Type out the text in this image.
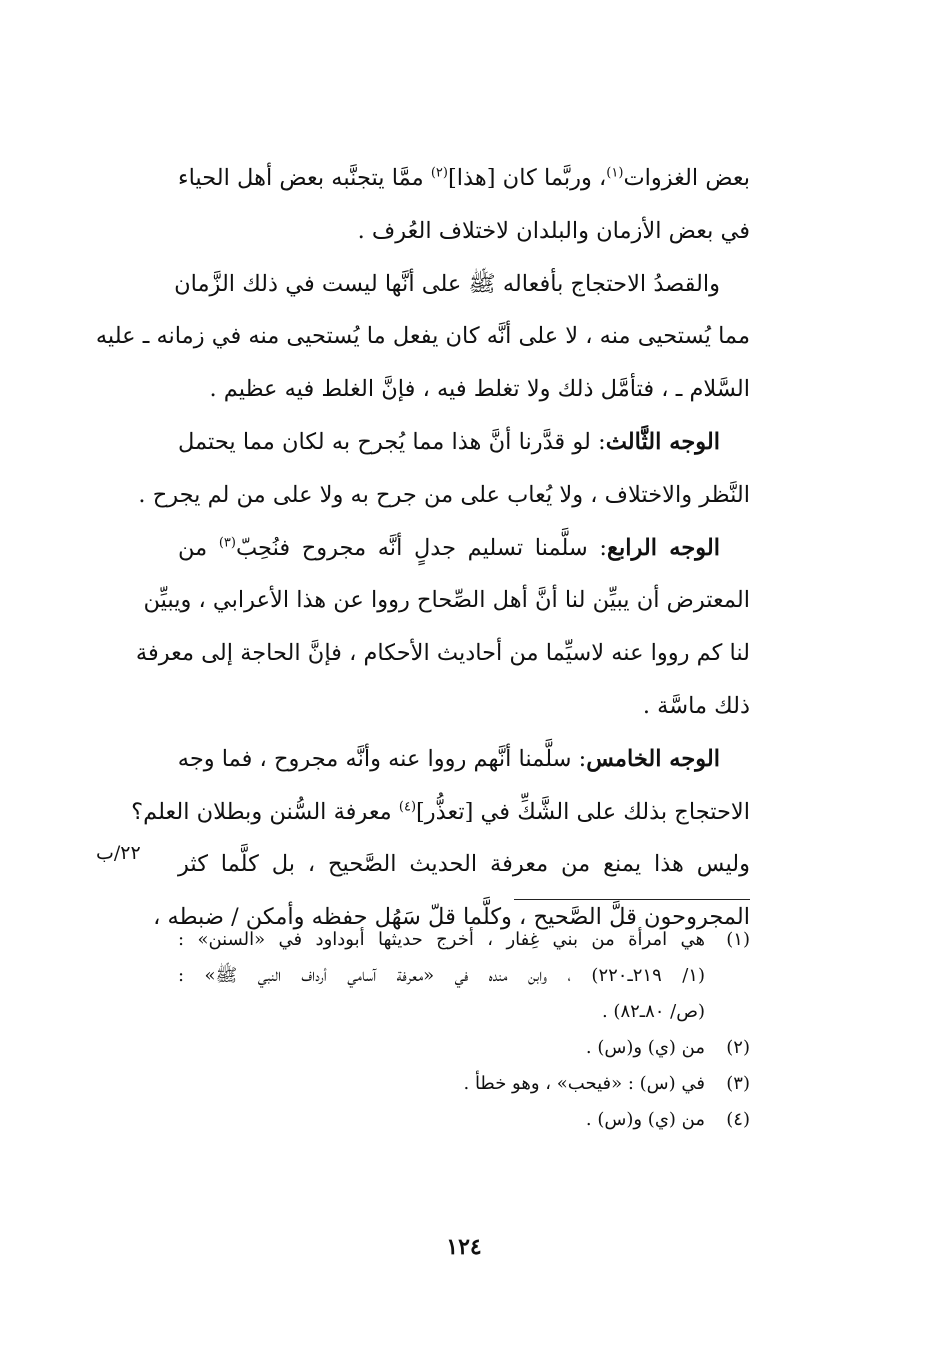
بعض الغزوات$^{(١)}$، وربَّما كان [هذا]$^{(٢)}$ ممَّا يتجنَّبه بعض أهل الحياء
في بعض الأزمان والبلدان لاختلاف العُرف .
والقصدُ الاحتجاج بأفعاله ﷺ على أنَّها ليست في ذلك الزَّمان
مما يُستحيى منه ، لا على أنَّه كان يفعل ما يُستحيى منه في زمانه ـ عليه
السَّلام ـ ، فتأمَّل ذلك ولا تغلط فيه ، فإنَّ الغلط فيه عظيم .
الوجه الثَّالث: لو قدَّرنا أنَّ هذا مما يُجرح به لكان مما يحتمل
النَّظر والاختلاف ، ولا يُعاب على من جرح به ولا على من لم يجرح .
الوجه الرابع: سلَّمنا تسليم جدلٍ أنَّه مجروح فنُحِبّ$^{(٣)}$ من
المعترض أن يبيِّن لنا أنَّ أهل الصِّحاح رووا عن هذا الأعرابي ، ويبيِّن
لنا كم رووا عنه لاسيِّما من أحاديث الأحكام ، فإنَّ الحاجة إلى معرفة
ذلك ماسَّة .
الوجه الخامس: سلَّمنا أنَّهم رووا عنه وأنَّه مجروح ، فما وجه
الاحتجاج بذلك على الشَّكِّ في [تعذُّر]$^{(٤)}$ معرفة السُّنن وبطلان العلم؟
وليس هذا يمنع من معرفة الحديث الصَّحيح ، بل كلَّما كثر
المجروحون قلَّ الصَّحيح ، وكلَّما قلّ سَهُل حفظه وأمكن / ضبطه ،
٢٢/ب
(١)
هي امرأة من بني غِفار ، أخرج حديثها أبوداود في «السنن» :
(١/ ٢١٩ـ٢٢٠) ، وابن منده في «معرفة آسامي أرداف النبي ﷺ» :
(ص/ ٨٠ـ٨٢) .
(٢)
من (ي) و(س) .
(٣)
في (س) : «فيحب» ، وهو خطأ .
(٤)
من (ي) و(س) .
١٢٤
